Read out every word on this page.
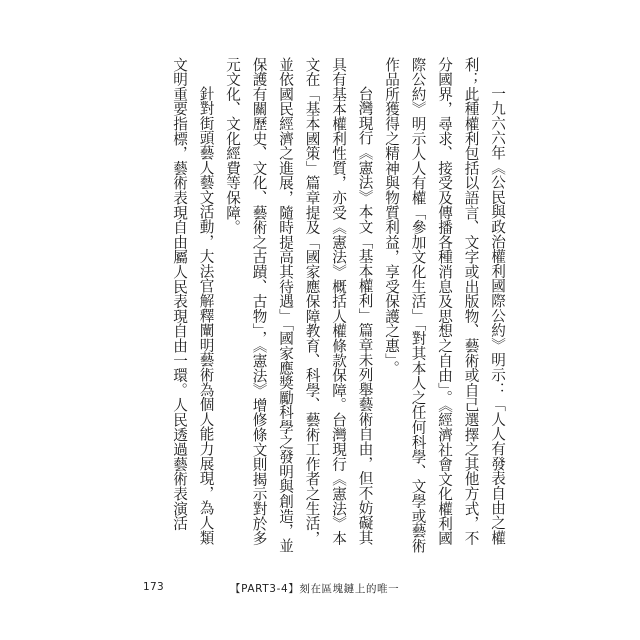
一九六六年《公民與政治權利國際公約》明示：「人人有發表自由之權利；此種權利包括以語言、文字或出版物、藝術或自己選擇之其他方式，不分國界，尋求、接受及傳播各種消息及思想之自由」。《經濟社會文化權利國際公約》明示人人有權「參加文化生活」「對其本人之任何科學、文學或藝術作品所獲得之精神與物質利益，享受保護之惠」。

台灣現行《憲法》本文「基本權利」篇章未列舉藝術自由，但不妨礙其具有基本權利性質，亦受《憲法》概括人權條款保障。台灣現行《憲法》本文在「基本國策」篇章提及「國家應保障教育、科學、藝術工作者之生活，並依國民經濟之進展，隨時提高其待遇」「國家應獎勵科學之發明與創造，並保護有關歷史、文化、藝術之古蹟、古物」，《憲法》增修條文則揭示對於多元文化、文化經費等保障。

針對街頭藝人藝文活動，大法官解釋闡明藝術為個人能力展現，為人類文明重要指標，藝術表現自由屬人民表現自由一環。人民透過藝術表演活

173	【PART3-4】刻在區塊鏈上的唯一
